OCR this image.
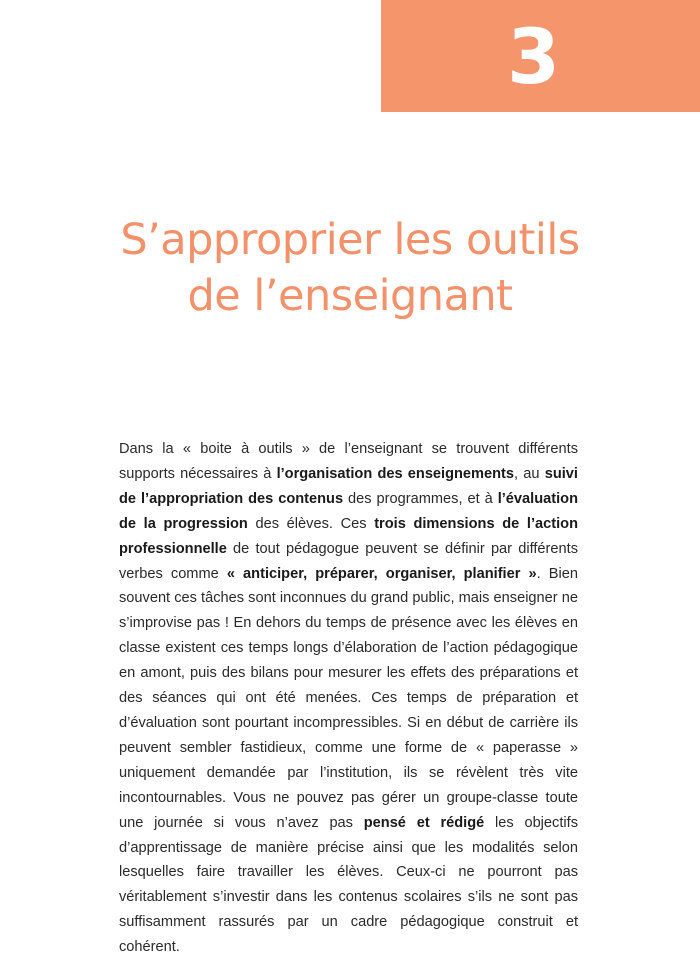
3
S’approprier les outils
de l’enseignant

Dans la « boite à outils » de l’enseignant se trouvent différents supports nécessaires à l’organisation des enseignements, au suivi de l’appropriation des contenus des programmes, et à l’évaluation de la progression des élèves. Ces trois dimensions de l’action professionnelle de tout pédagogue peuvent se définir par différents verbes comme « anticiper, préparer, organiser, planifier ». Bien souvent ces tâches sont inconnues du grand public, mais enseigner ne s’improvise pas ! En dehors du temps de présence avec les élèves en classe existent ces temps longs d’élaboration de l’action pédagogique en amont, puis des bilans pour mesurer les effets des préparations et des séances qui ont été menées. Ces temps de préparation et d’évaluation sont pourtant incompressibles. Si en début de carrière ils peuvent sembler fastidieux, comme une forme de « paperasse » uniquement demandée par l’institution, ils se révèlent très vite incontournables. Vous ne pouvez pas gérer un groupe-classe toute une journée si vous n’avez pas pensé et rédigé les objectifs d’apprentissage de manière précise ainsi que les modalités selon lesquelles faire travailler les élèves. Ceux-ci ne pourront pas véritablement s’investir dans les contenus scolaires s’ils ne sont pas suffisamment rassurés par un cadre pédagogique construit et cohérent.
